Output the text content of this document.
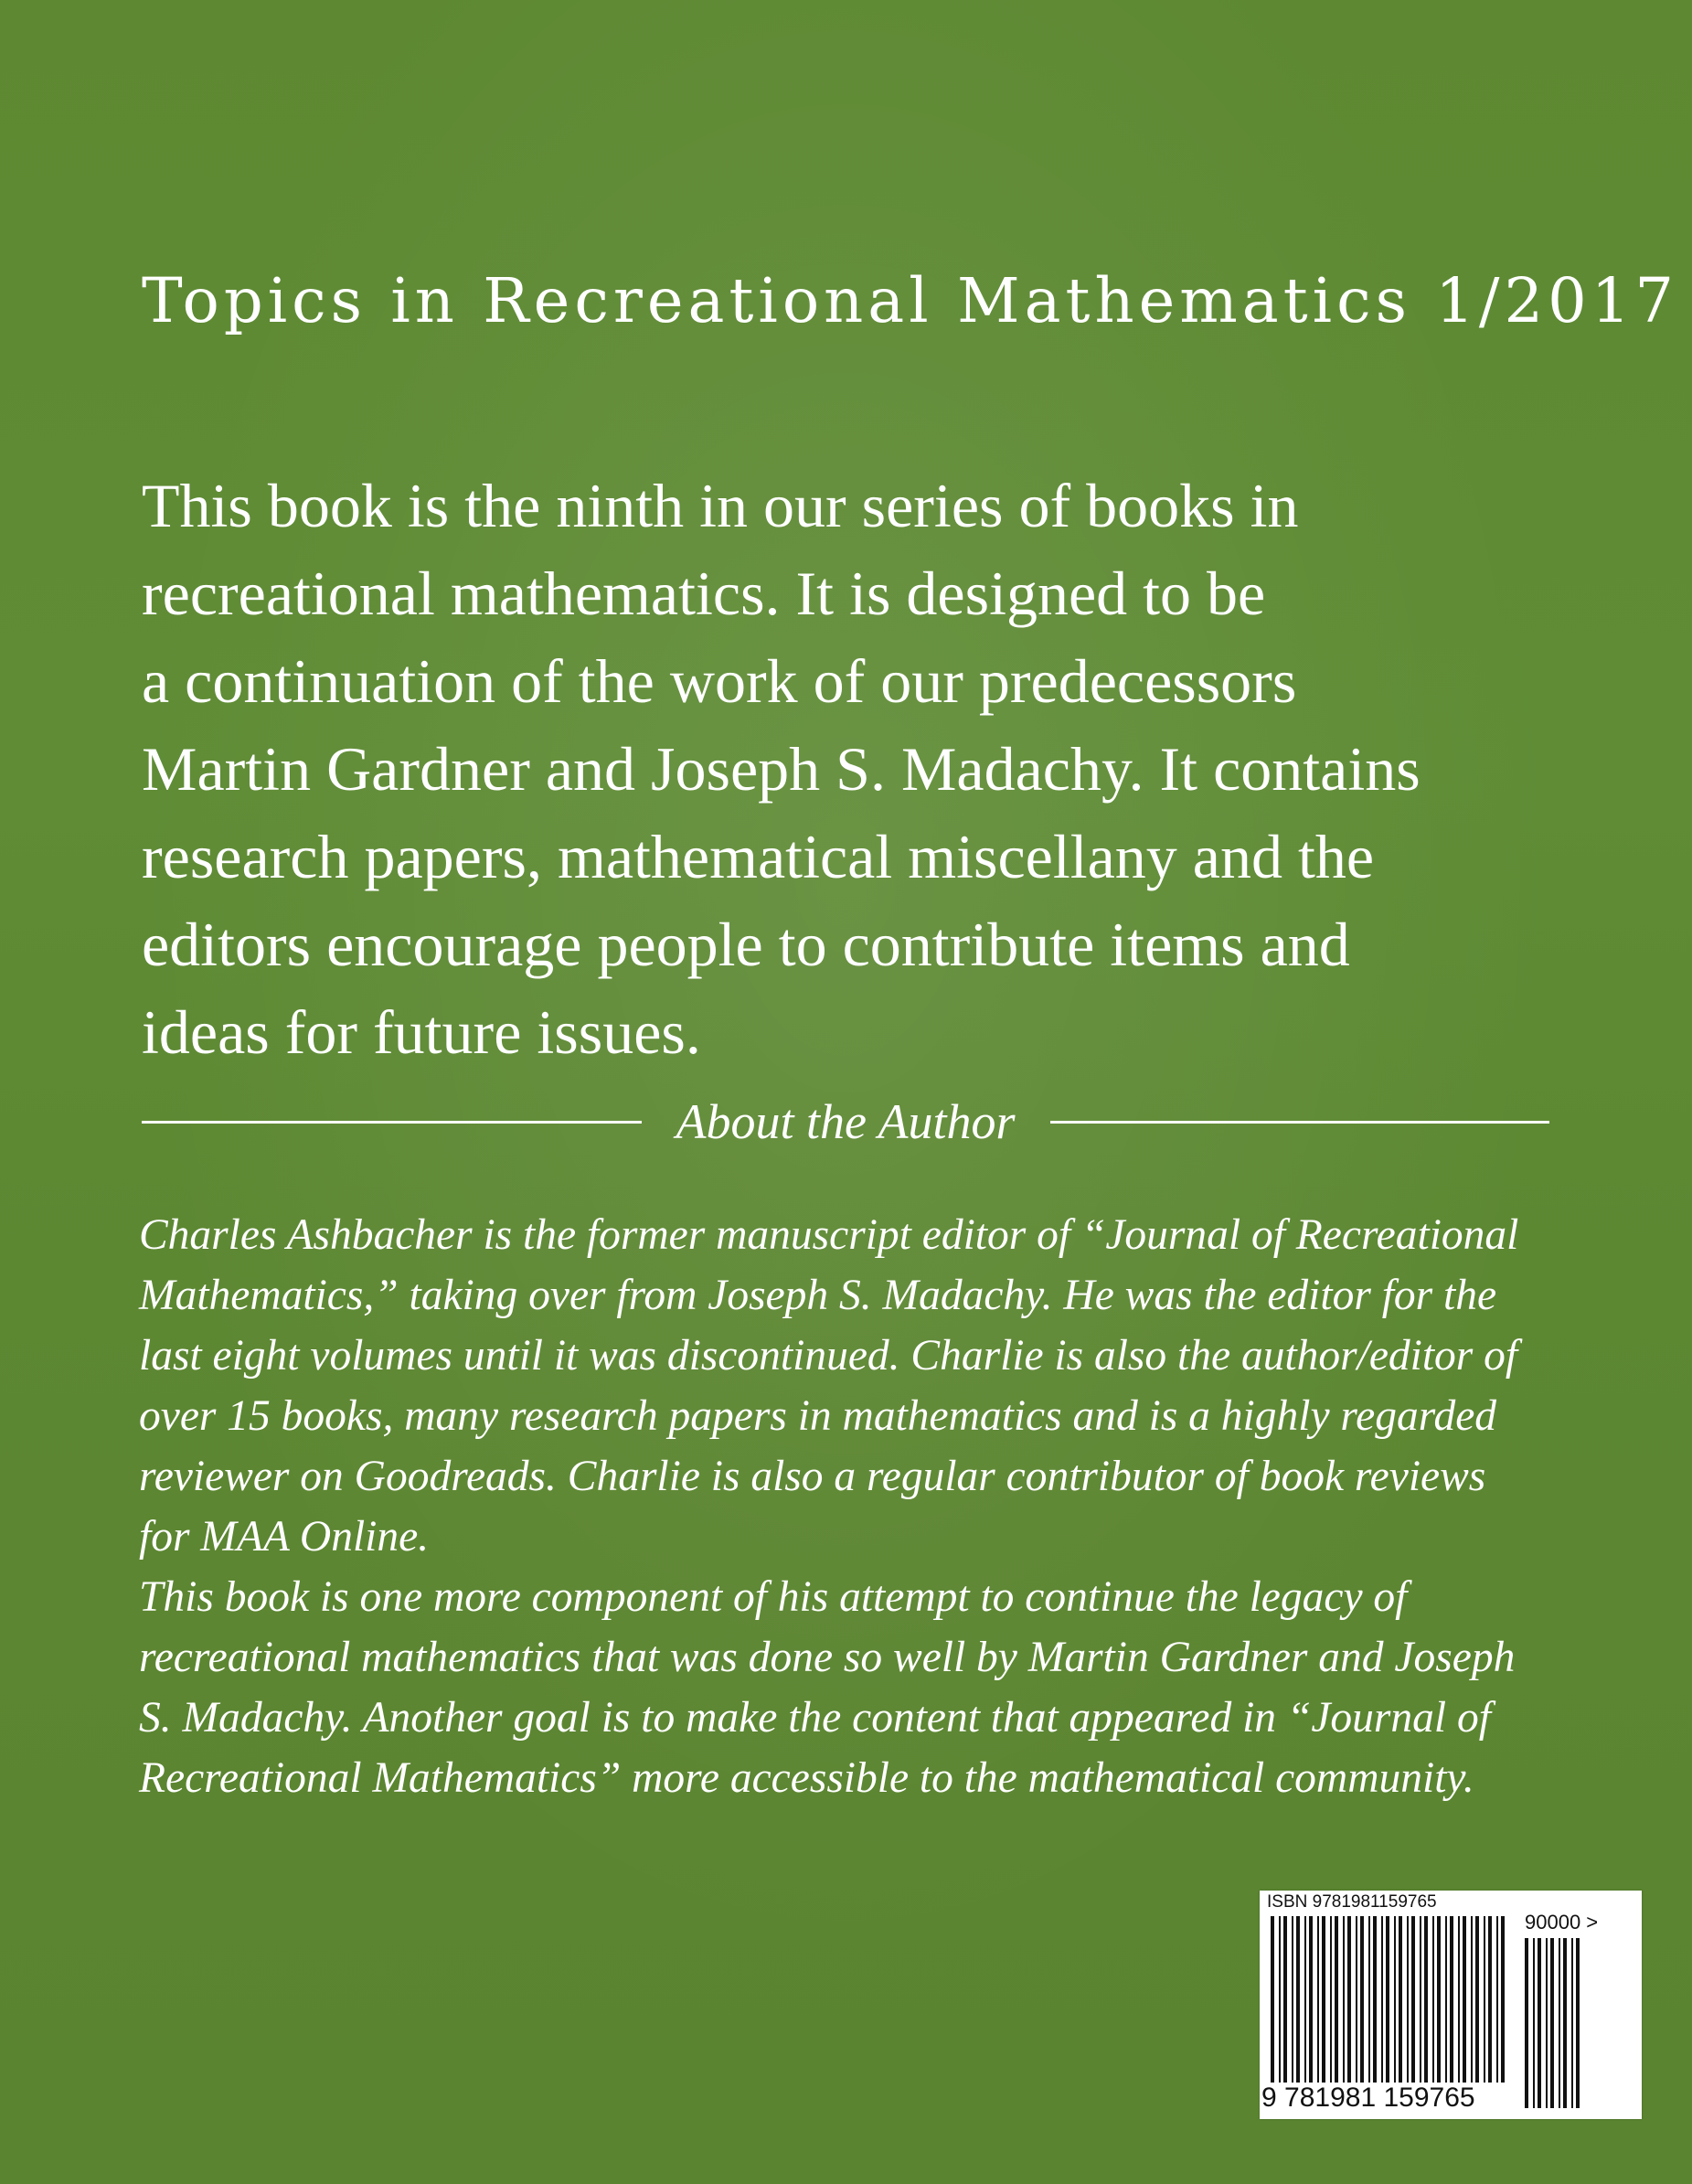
Topics in Recreational Mathematics 1/2017

This book is the ninth in our series of books in
recreational mathematics. It is designed to be
a continuation of the work of our predecessors
Martin Gardner and Joseph S. Madachy. It contains
research papers, mathematical miscellany and the
editors encourage people to contribute items and
ideas for future issues.

About the Author

Charles Ashbacher is the former manuscript editor of “Journal of Recreational
Mathematics,” taking over from Joseph S. Madachy. He was the editor for the
last eight volumes until it was discontinued. Charlie is also the author/editor of
over 15 books, many research papers in mathematics and is a highly regarded
reviewer on Goodreads. Charlie is also a regular contributor of book reviews
for MAA Online.
This book is one more component of his attempt to continue the legacy of
recreational mathematics that was done so well by Martin Gardner and Joseph
S. Madachy. Another goal is to make the content that appeared in “Journal of
Recreational Mathematics” more accessible to the mathematical community.

ISBN 9781981159765
90000 >
9 781981 159765
